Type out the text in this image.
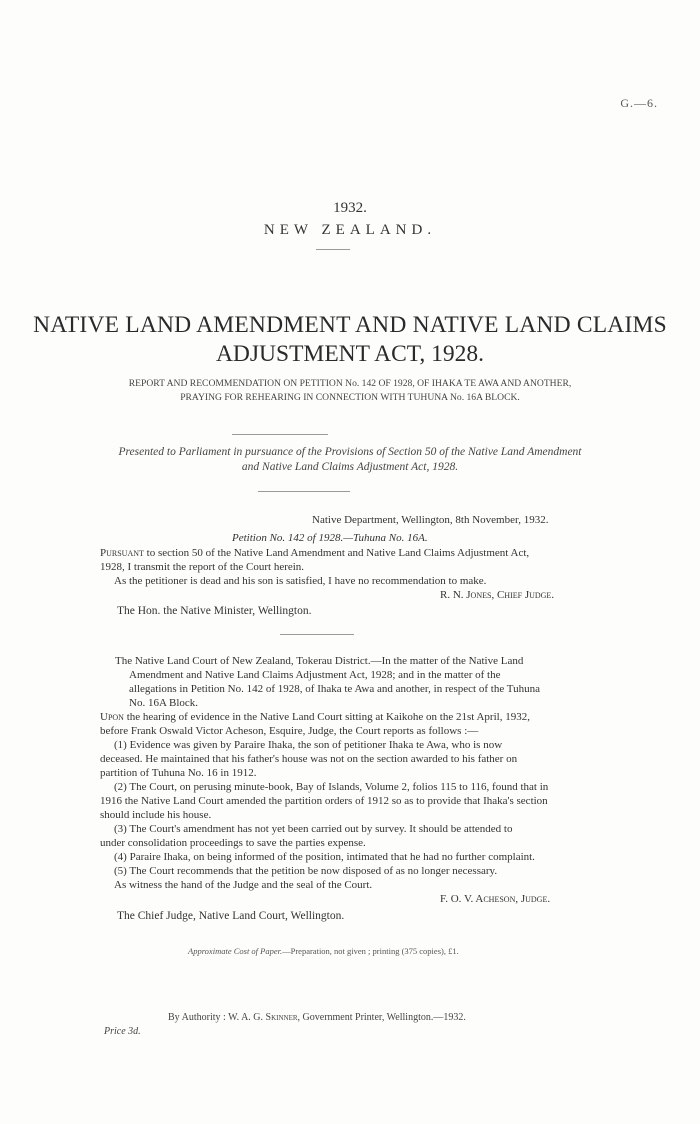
G.—6.
1932.
NEW ZEALAND.
NATIVE LAND AMENDMENT AND NATIVE LAND CLAIMS
ADJUSTMENT ACT, 1928.
REPORT AND RECOMMENDATION ON PETITION No. 142 OF 1928, OF IHAKA TE AWA AND ANOTHER,
PRAYING FOR REHEARING IN CONNECTION WITH TUHUNA No. 16A BLOCK.
Presented to Parliament in pursuance of the Provisions of Section 50 of the Native Land Amendment
and Native Land Claims Adjustment Act, 1928.
Native Department, Wellington, 8th November, 1932.
Petition No. 142 of 1928.—Tuhuna No. 16A.
Pursuant to section 50 of the Native Land Amendment and Native Land Claims Adjustment Act,
1928, I transmit the report of the Court herein.
As the petitioner is dead and his son is satisfied, I have no recommendation to make.
R. N. Jones, Chief Judge.
The Hon. the Native Minister, Wellington.
The Native Land Court of New Zealand, Tokerau District.—In the matter of the Native Land
Amendment and Native Land Claims Adjustment Act, 1928; and in the matter of the
allegations in Petition No. 142 of 1928, of Ihaka te Awa and another, in respect of the Tuhuna
No. 16A Block.
Upon the hearing of evidence in the Native Land Court sitting at Kaikohe on the 21st April, 1932,
before Frank Oswald Victor Acheson, Esquire, Judge, the Court reports as follows :—
(1) Evidence was given by Paraire Ihaka, the son of petitioner Ihaka te Awa, who is now
deceased. He maintained that his father's house was not on the section awarded to his father on
partition of Tuhuna No. 16 in 1912.
(2) The Court, on perusing minute-book, Bay of Islands, Volume 2, folios 115 to 116, found that in
1916 the Native Land Court amended the partition orders of 1912 so as to provide that Ihaka's section
should include his house.
(3) The Court's amendment has not yet been carried out by survey. It should be attended to
under consolidation proceedings to save the parties expense.
(4) Paraire Ihaka, on being informed of the position, intimated that he had no further complaint.
(5) The Court recommends that the petition be now disposed of as no longer necessary.
As witness the hand of the Judge and the seal of the Court.
F. O. V. Acheson, Judge.
The Chief Judge, Native Land Court, Wellington.
Approximate Cost of Paper.—Preparation, not given ; printing (375 copies), £1.
By Authority : W. A. G. Skinner, Government Printer, Wellington.—1932.
Price 3d.
